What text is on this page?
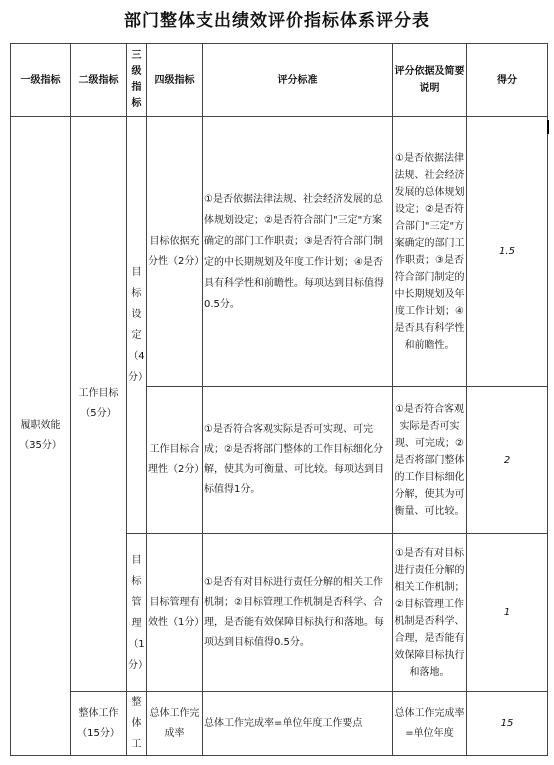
部门整体支出绩效评价指标体系评分表
一级指标	二级指标	三级指标	四级指标	评分标准	评分依据及简要说明	得分
履职效能（35分）	工作目标（5分）	目标设定（4分）	目标依据充分性（2分）	①是否依据法律法规、社会经济发展的总体规划设定；②是否符合部门"三定"方案确定的部门工作职责；③是否符合部门制定的中长期规划及年度工作计划；④是否具有科学性和前瞻性。每项达到目标值得0.5分。	①是否依据法律法规、社会经济发展的总体规划设定；②是否符合部门"三定"方案确定的部门工作职责；③是否符合部门制定的中长期规划及年度工作计划；④是否具有科学性和前瞻性。	1.5
			工作目标合理性（2分）	①是否符合客观实际是否可实现、可完成；②是否将部门整体的工作目标细化分解，使其为可衡量、可比较。每项达到目标值得1分。	①是否符合客观实际是否可实现、可完成；②是否将部门整体的工作目标细化分解，使其为可衡量、可比较。	2
		目标管理（1分）	目标管理有效性（1分）	①是否有对目标进行责任分解的相关工作机制；②目标管理工作机制是否科学、合理，是否能有效保障目标执行和落地。每项达到目标值得0.5分。	①是否有对目标进行责任分解的相关工作机制；②目标管理工作机制是否科学、合理，是否能有效保障目标执行和落地。	1
	整体工作（15分）	整体工	总体工作完成率	总体工作完成率=单位年度工作要点	总体工作完成率=单位年度	15
